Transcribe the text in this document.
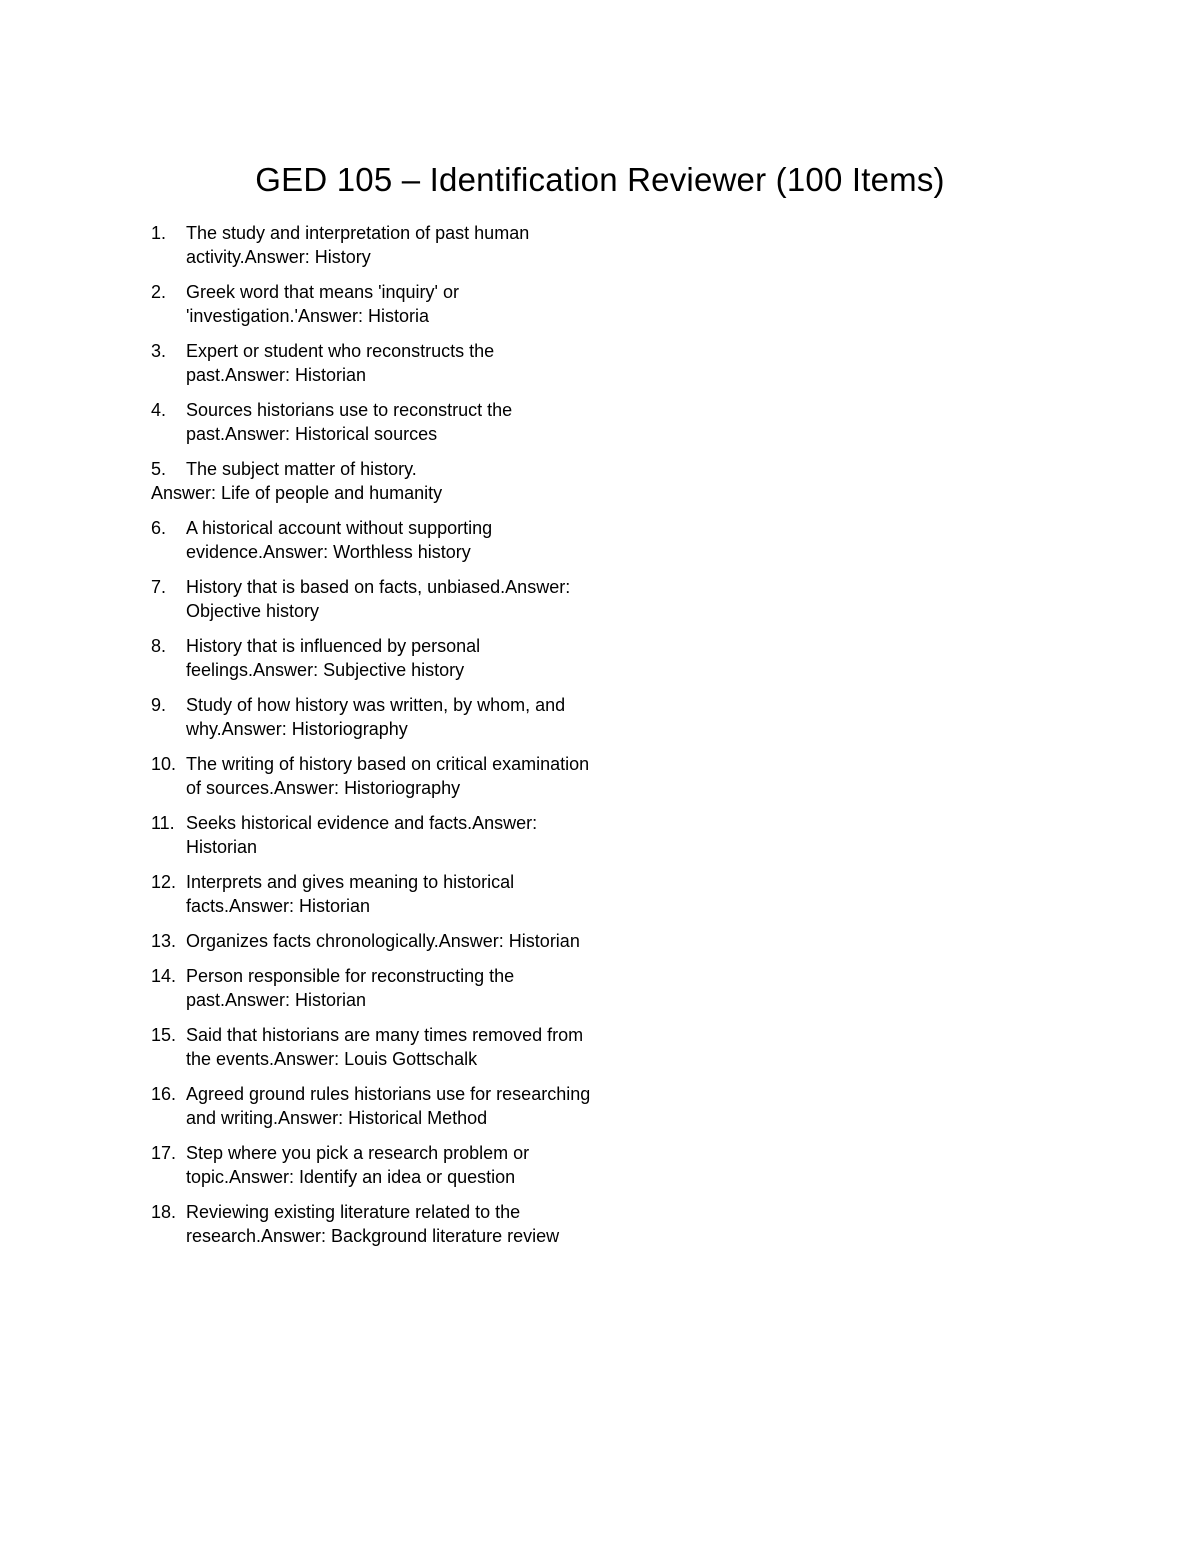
GED 105 – Identification Reviewer (100 Items)
1.	The study and interpretation of past human activity.Answer: History
2.	Greek word that means 'inquiry' or 'investigation.'Answer: Historia
3.	Expert or student who reconstructs the past.Answer: Historian
4.	Sources historians use to reconstruct the past.Answer: Historical sources
5.	The subject matter of history.
Answer: Life of people and humanity
6.	A historical account without supporting evidence.Answer: Worthless history
7.	History that is based on facts, unbiased.Answer: Objective history
8.	History that is influenced by personal feelings.Answer: Subjective history
9.	Study of how history was written, by whom, and why.Answer: Historiography
10. The writing of history based on critical examination of sources.Answer: Historiography
11. Seeks historical evidence and facts.Answer: Historian
12. Interprets and gives meaning to historical facts.Answer: Historian
13. Organizes facts chronologically.Answer: Historian
14. Person responsible for reconstructing the past.Answer: Historian
15. Said that historians are many times removed from the events.Answer: Louis Gottschalk
16. Agreed ground rules historians use for researching and writing.Answer: Historical Method
17. Step where you pick a research problem or topic.Answer: Identify an idea or question
18. Reviewing existing literature related to the research.Answer: Background literature review
